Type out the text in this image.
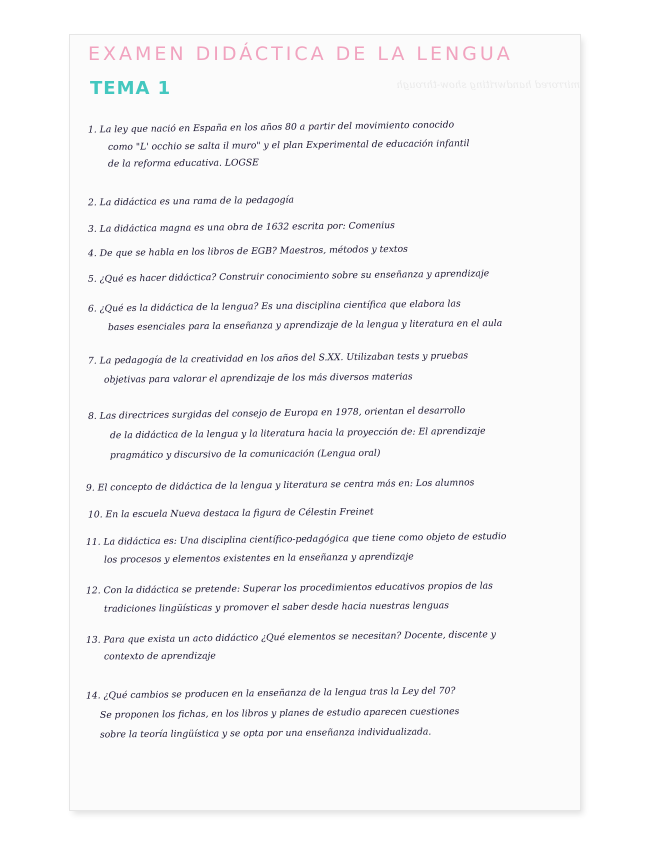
mirrored handwriting show-through
EXAMEN DIDÁCTICA DE LA LENGUA
TEMA 1
1. La ley que nació en España en los años 80 a partir del movimiento conocido
como "L' occhio se salta il muro" y el plan Experimental de educación infantil
de la reforma educativa. LOGSE
2. La didáctica es una rama de la pedagogía
3. La didáctica magna es una obra de 1632 escrita por: Comenius
4. De que se habla en los libros de EGB? Maestros, métodos y textos
5. ¿Qué es hacer didáctica? Construir conocimiento sobre su enseñanza y aprendizaje
6. ¿Qué es la didáctica de la lengua? Es una disciplina científica que elabora las
bases esenciales para la enseñanza y aprendizaje de la lengua y literatura en el aula
7. La pedagogía de la creatividad en los años del S.XX. Utilizaban tests y pruebas
objetivas para valorar el aprendizaje de los más diversos materias
8. Las directrices surgidas del consejo de Europa en 1978, orientan el desarrollo
de la didáctica de la lengua y la literatura hacia la proyección de: El aprendizaje
pragmático y discursivo de la comunicación (Lengua oral)
9. El concepto de didáctica de la lengua y literatura se centra más en: Los alumnos
10. En la escuela Nueva destaca la figura de Célestin Freinet
11. La didáctica es: Una disciplina científico-pedagógica que tiene como objeto de estudio
los procesos y elementos existentes en la enseñanza y aprendizaje
12. Con la didáctica se pretende: Superar los procedimientos educativos propios de las
tradiciones lingüísticas y promover el saber desde hacia nuestras lenguas
13. Para que exista un acto didáctico ¿Qué elementos se necesitan? Docente, discente y
contexto de aprendizaje
14. ¿Qué cambios se producen en la enseñanza de la lengua tras la Ley del 70?
Se proponen los fichas, en los libros y planes de estudio aparecen cuestiones
sobre la teoría lingüística y se opta por una enseñanza individualizada.
